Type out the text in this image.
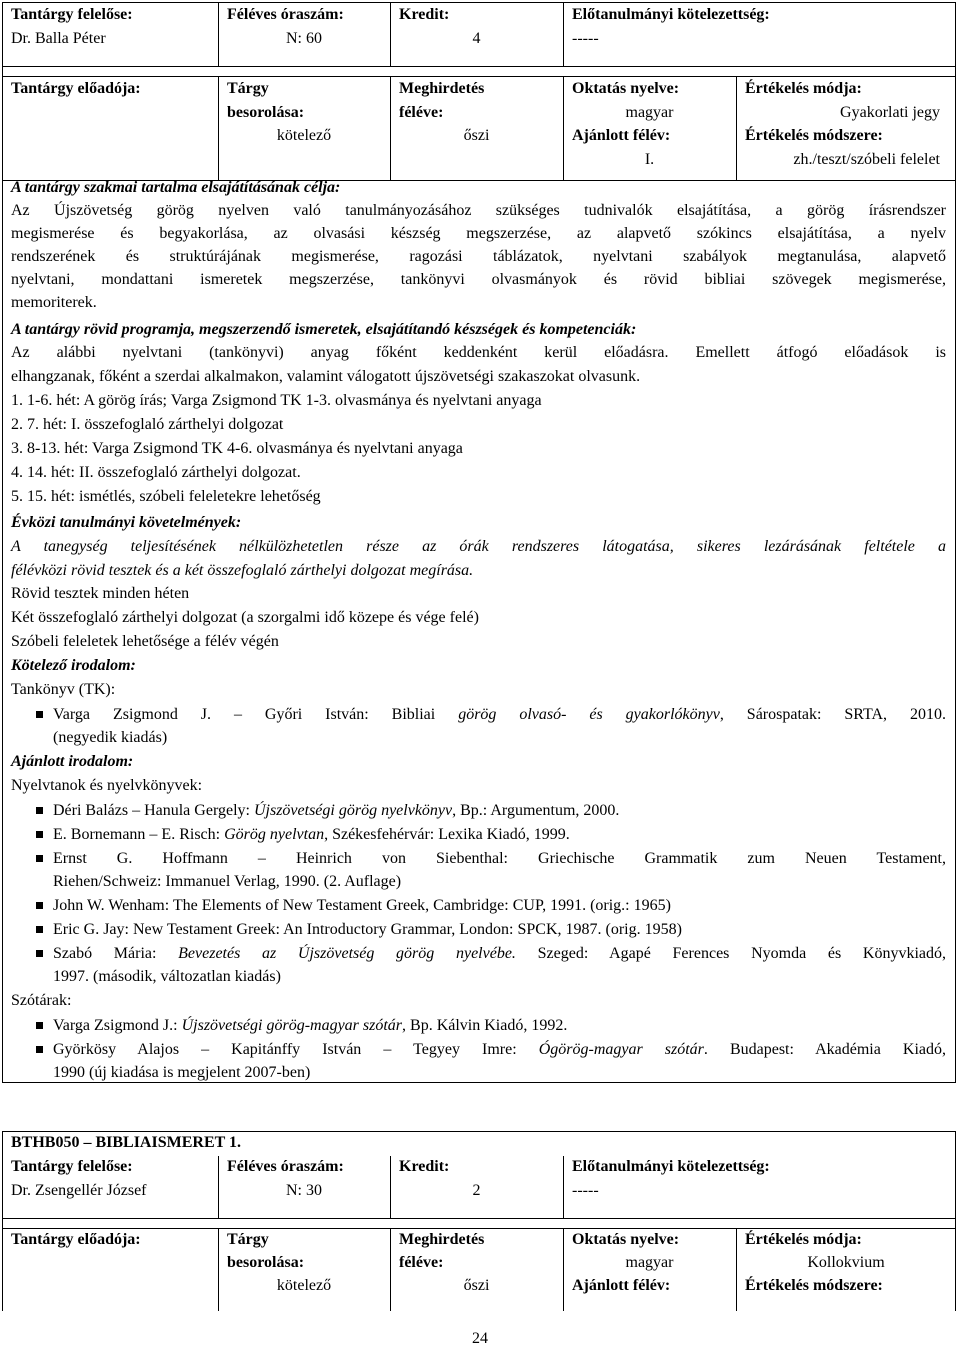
Tantárgy felelőse:
Dr. Balla Péter
Féléves óraszám:
N: 60
Kredit:
4
Előtanulmányi kötelezettség:
-----
Tantárgy előadója:	Tárgy
besorolása:
kötelező
Meghirdetés
féléve:
őszi
Oktatás nyelve:
magyar
Ajánlott félév:
I.
Értékelés módja:
Gyakorlati jegy
Értékelés módszere:
zh./teszt/szóbeli felelet
A tantárgy szakmai tartalma elsajátításának célja:
Az Újszövetség görög nyelven való tanulmányozásához szükséges tudnivalók elsajátítása, a görög írásrendszer
megismerése és begyakorlása, az olvasási készség megszerzése, az alapvető szókincs elsajátítása, a nyelv
rendszerének és struktúrájának megismerése, ragozási táblázatok, nyelvtani szabályok megtanulása, alapvető
nyelvtani, mondattani ismeretek megszerzése, tankönyvi olvasmányok és rövid bibliai szövegek megismerése,
memoriterek.
A tantárgy rövid programja, megszerzendő ismeretek, elsajátítandó készségek és kompetenciák:
Az alábbi nyelvtani (tankönyvi) anyag főként keddenként kerül előadásra. Emellett átfogó előadások is
elhangzanak, főként a szerdai alkalmakon, valamint válogatott újszövetségi szakaszokat olvasunk.
1. 1-6. hét: A görög írás; Varga Zsigmond TK 1-3. olvasmánya és nyelvtani anyaga
2. 7. hét: I. összefoglaló zárthelyi dolgozat
3. 8-13. hét: Varga Zsigmond TK 4-6. olvasmánya és nyelvtani anyaga
4. 14. hét: II. összefoglaló zárthelyi dolgozat.
5. 15. hét: ismétlés, szóbeli feleletekre lehetőség
Évközi tanulmányi követelmények:
A tanegység teljesítésének nélkülözhetetlen része az órák rendszeres látogatása, sikeres lezárásának feltétele a
félévközi rövid tesztek és a két összefoglaló zárthelyi dolgozat megírása.
Rövid tesztek minden héten
Két összefoglaló zárthelyi dolgozat (a szorgalmi idő közepe és vége felé)
Szóbeli feleletek lehetősége a félév végén
Kötelező irodalom:
Tankönyv (TK):
Varga Zsigmond J. – Győri István: Bibliai görög olvasó- és gyakorlókönyv, Sárospatak: SRTA, 2010.
(negyedik kiadás)
Ajánlott irodalom:
Nyelvtanok és nyelvkönyvek:
Déri Balázs – Hanula Gergely: Újszövetségi görög nyelvkönyv, Bp.: Argumentum, 2000.
E. Bornemann – E. Risch: Görög nyelvtan, Székesfehérvár: Lexika Kiadó, 1999.
Ernst G. Hoffmann – Heinrich von Siebenthal: Griechische Grammatik zum Neuen Testament,
Riehen/Schweiz: Immanuel Verlag, 1990. (2. Auflage)
John W. Wenham: The Elements of New Testament Greek, Cambridge: CUP, 1991. (orig.: 1965)
Eric G. Jay: New Testament Greek: An Introductory Grammar, London: SPCK, 1987. (orig. 1958)
Szabó Mária: Bevezetés az Újszövetség görög nyelvébe. Szeged: Agapé Ferences Nyomda és Könyvkiadó,
1997. (második, változatlan kiadás)
Szótárak:
Varga Zsigmond J.: Újszövetségi görög-magyar szótár, Bp. Kálvin Kiadó, 1992.
Györkösy Alajos – Kapitánffy István – Tegyey Imre: Ógörög-magyar szótár. Budapest: Akadémia Kiadó,
1990 (új kiadása is megjelent 2007-ben)
BTHB050 – BIBLIAISMERET 1.
Tantárgy felelőse:
Dr. Zsengellér József
Féléves óraszám:
N: 30
Kredit:
2
Előtanulmányi kötelezettség:
-----
Tantárgy előadója:	Tárgy
besorolása:
kötelező
Meghirdetés
féléve:
őszi
Oktatás nyelve:
magyar
Ajánlott félév:
Értékelés módja:
Kollokvium
Értékelés módszere:
24
